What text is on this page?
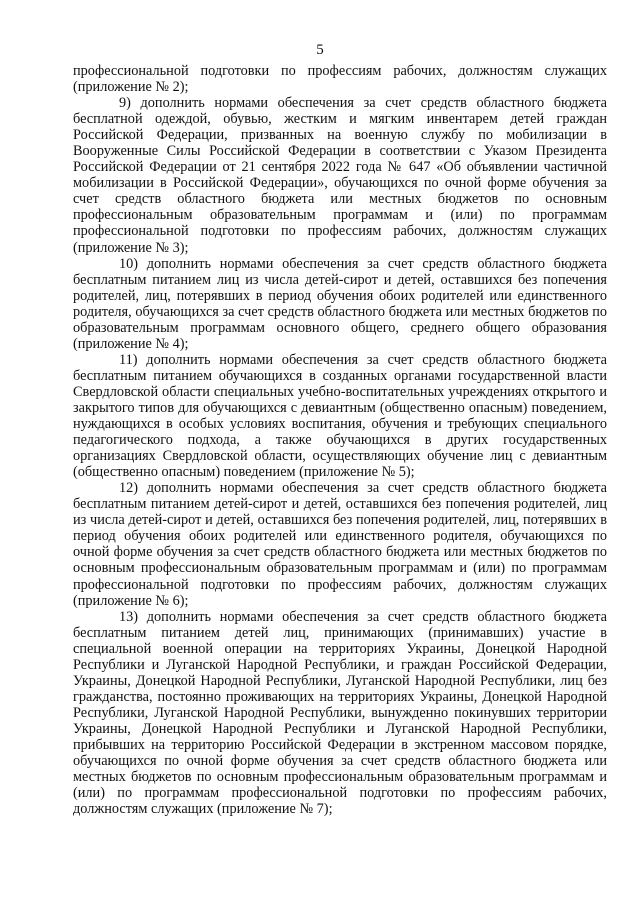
5

профессиональной подготовки по профессиям рабочих, должностям служащих (приложение № 2);

9) дополнить нормами обеспечения за счет средств областного бюджета бесплатной одеждой, обувью, жестким и мягким инвентарем детей граждан Российской Федерации, призванных на военную службу по мобилизации в Вооруженные Силы Российской Федерации в соответствии с Указом Президента Российской Федерации от 21 сентября 2022 года № 647 «Об объявлении частичной мобилизации в Российской Федерации», обучающихся по очной форме обучения за счет средств областного бюджета или местных бюджетов по основным профессиональным образовательным программам и (или) по программам профессиональной подготовки по профессиям рабочих, должностям служащих (приложение № 3);

10) дополнить нормами обеспечения за счет средств областного бюджета бесплатным питанием лиц из числа детей-сирот и детей, оставшихся без попечения родителей, лиц, потерявших в период обучения обоих родителей или единственного родителя, обучающихся за счет средств областного бюджета или местных бюджетов по образовательным программам основного общего, среднего общего образования (приложение № 4);

11) дополнить нормами обеспечения за счет средств областного бюджета бесплатным питанием обучающихся в созданных органами государственной власти Свердловской области специальных учебно-воспитательных учреждениях открытого и закрытого типов для обучающихся с девиантным (общественно опасным) поведением, нуждающихся в особых условиях воспитания, обучения и требующих специального педагогического подхода, а также обучающихся в других государственных организациях Свердловской области, осуществляющих обучение лиц с девиантным (общественно опасным) поведением (приложение № 5);

12) дополнить нормами обеспечения за счет средств областного бюджета бесплатным питанием детей-сирот и детей, оставшихся без попечения родителей, лиц из числа детей-сирот и детей, оставшихся без попечения родителей, лиц, потерявших в период обучения обоих родителей или единственного родителя, обучающихся по очной форме обучения за счет средств областного бюджета или местных бюджетов по основным профессиональным образовательным программам и (или) по программам профессиональной подготовки по профессиям рабочих, должностям служащих (приложение № 6);

13) дополнить нормами обеспечения за счет средств областного бюджета бесплатным питанием детей лиц, принимающих (принимавших) участие в специальной военной операции на территориях Украины, Донецкой Народной Республики и Луганской Народной Республики, и граждан Российской Федерации, Украины, Донецкой Народной Республики, Луганской Народной Республики, лиц без гражданства, постоянно проживающих на территориях Украины, Донецкой Народной Республики, Луганской Народной Республики, вынужденно покинувших территории Украины, Донецкой Народной Республики и Луганской Народной Республики, прибывших на территорию Российской Федерации в экстренном массовом порядке, обучающихся по очной форме обучения за счет средств областного бюджета или местных бюджетов по основным профессиональным образовательным программам и (или) по программам профессиональной подготовки по профессиям рабочих, должностям служащих (приложение № 7);
